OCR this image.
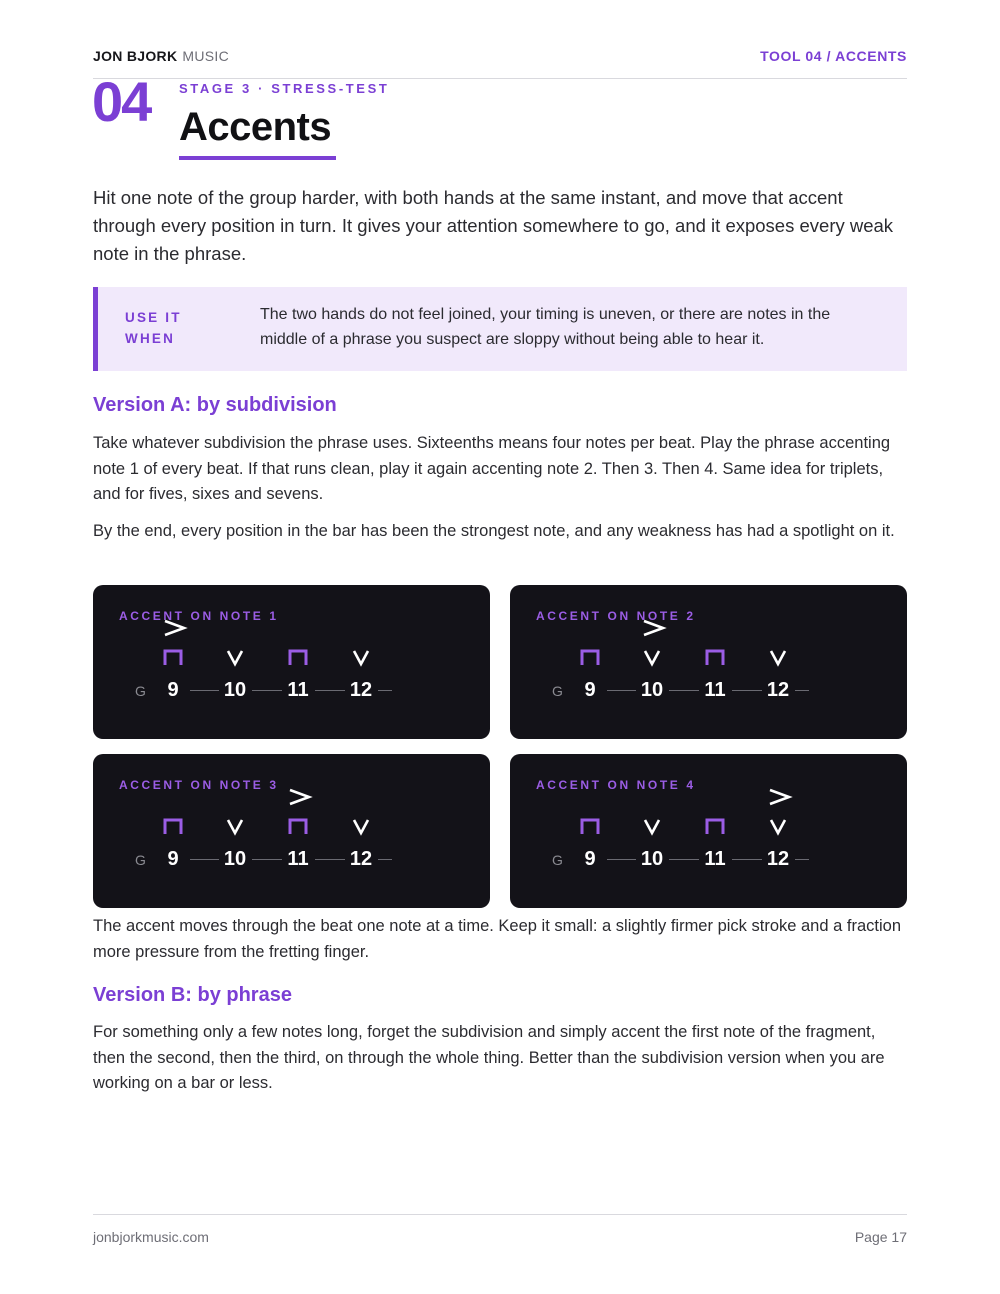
JON BJORK MUSIC	TOOL 04 / ACCENTS
04 STAGE 3 · STRESS-TEST
Accents

Hit one note of the group harder, with both hands at the same instant, and move that accent through every position in turn. It gives your attention somewhere to go, and it exposes every weak note in the phrase.

USE IT WHEN
The two hands do not feel joined, your timing is uneven, or there are notes in the middle of a phrase you suspect are sloppy without being able to hear it.
Version A: by subdivision

Take whatever subdivision the phrase uses. Sixteenths means four notes per beat. Play the phrase accenting note 1 of every beat. If that runs clean, play it again accenting note 2. Then 3. Then 4. Same idea for triplets, and for fives, sixes and sevens.

By the end, every position in the bar has been the strongest note, and any weakness has had a spotlight on it.

ACCENT ON NOTE 1
G	9	10	11	12
ACCENT ON NOTE 2
G	9	10	11	12
ACCENT ON NOTE 3
G	9	10	11	12
ACCENT ON NOTE 4
G	9	10	11	12

The accent moves through the beat one note at a time. Keep it small: a slightly firmer pick stroke and a fraction more pressure from the fretting finger.

Version B: by phrase

For something only a few notes long, forget the subdivision and simply accent the first note of the fragment, then the second, then the third, on through the whole thing. Better than the subdivision version when you are working on a bar or less.

jonbjorkmusic.com	Page 17
